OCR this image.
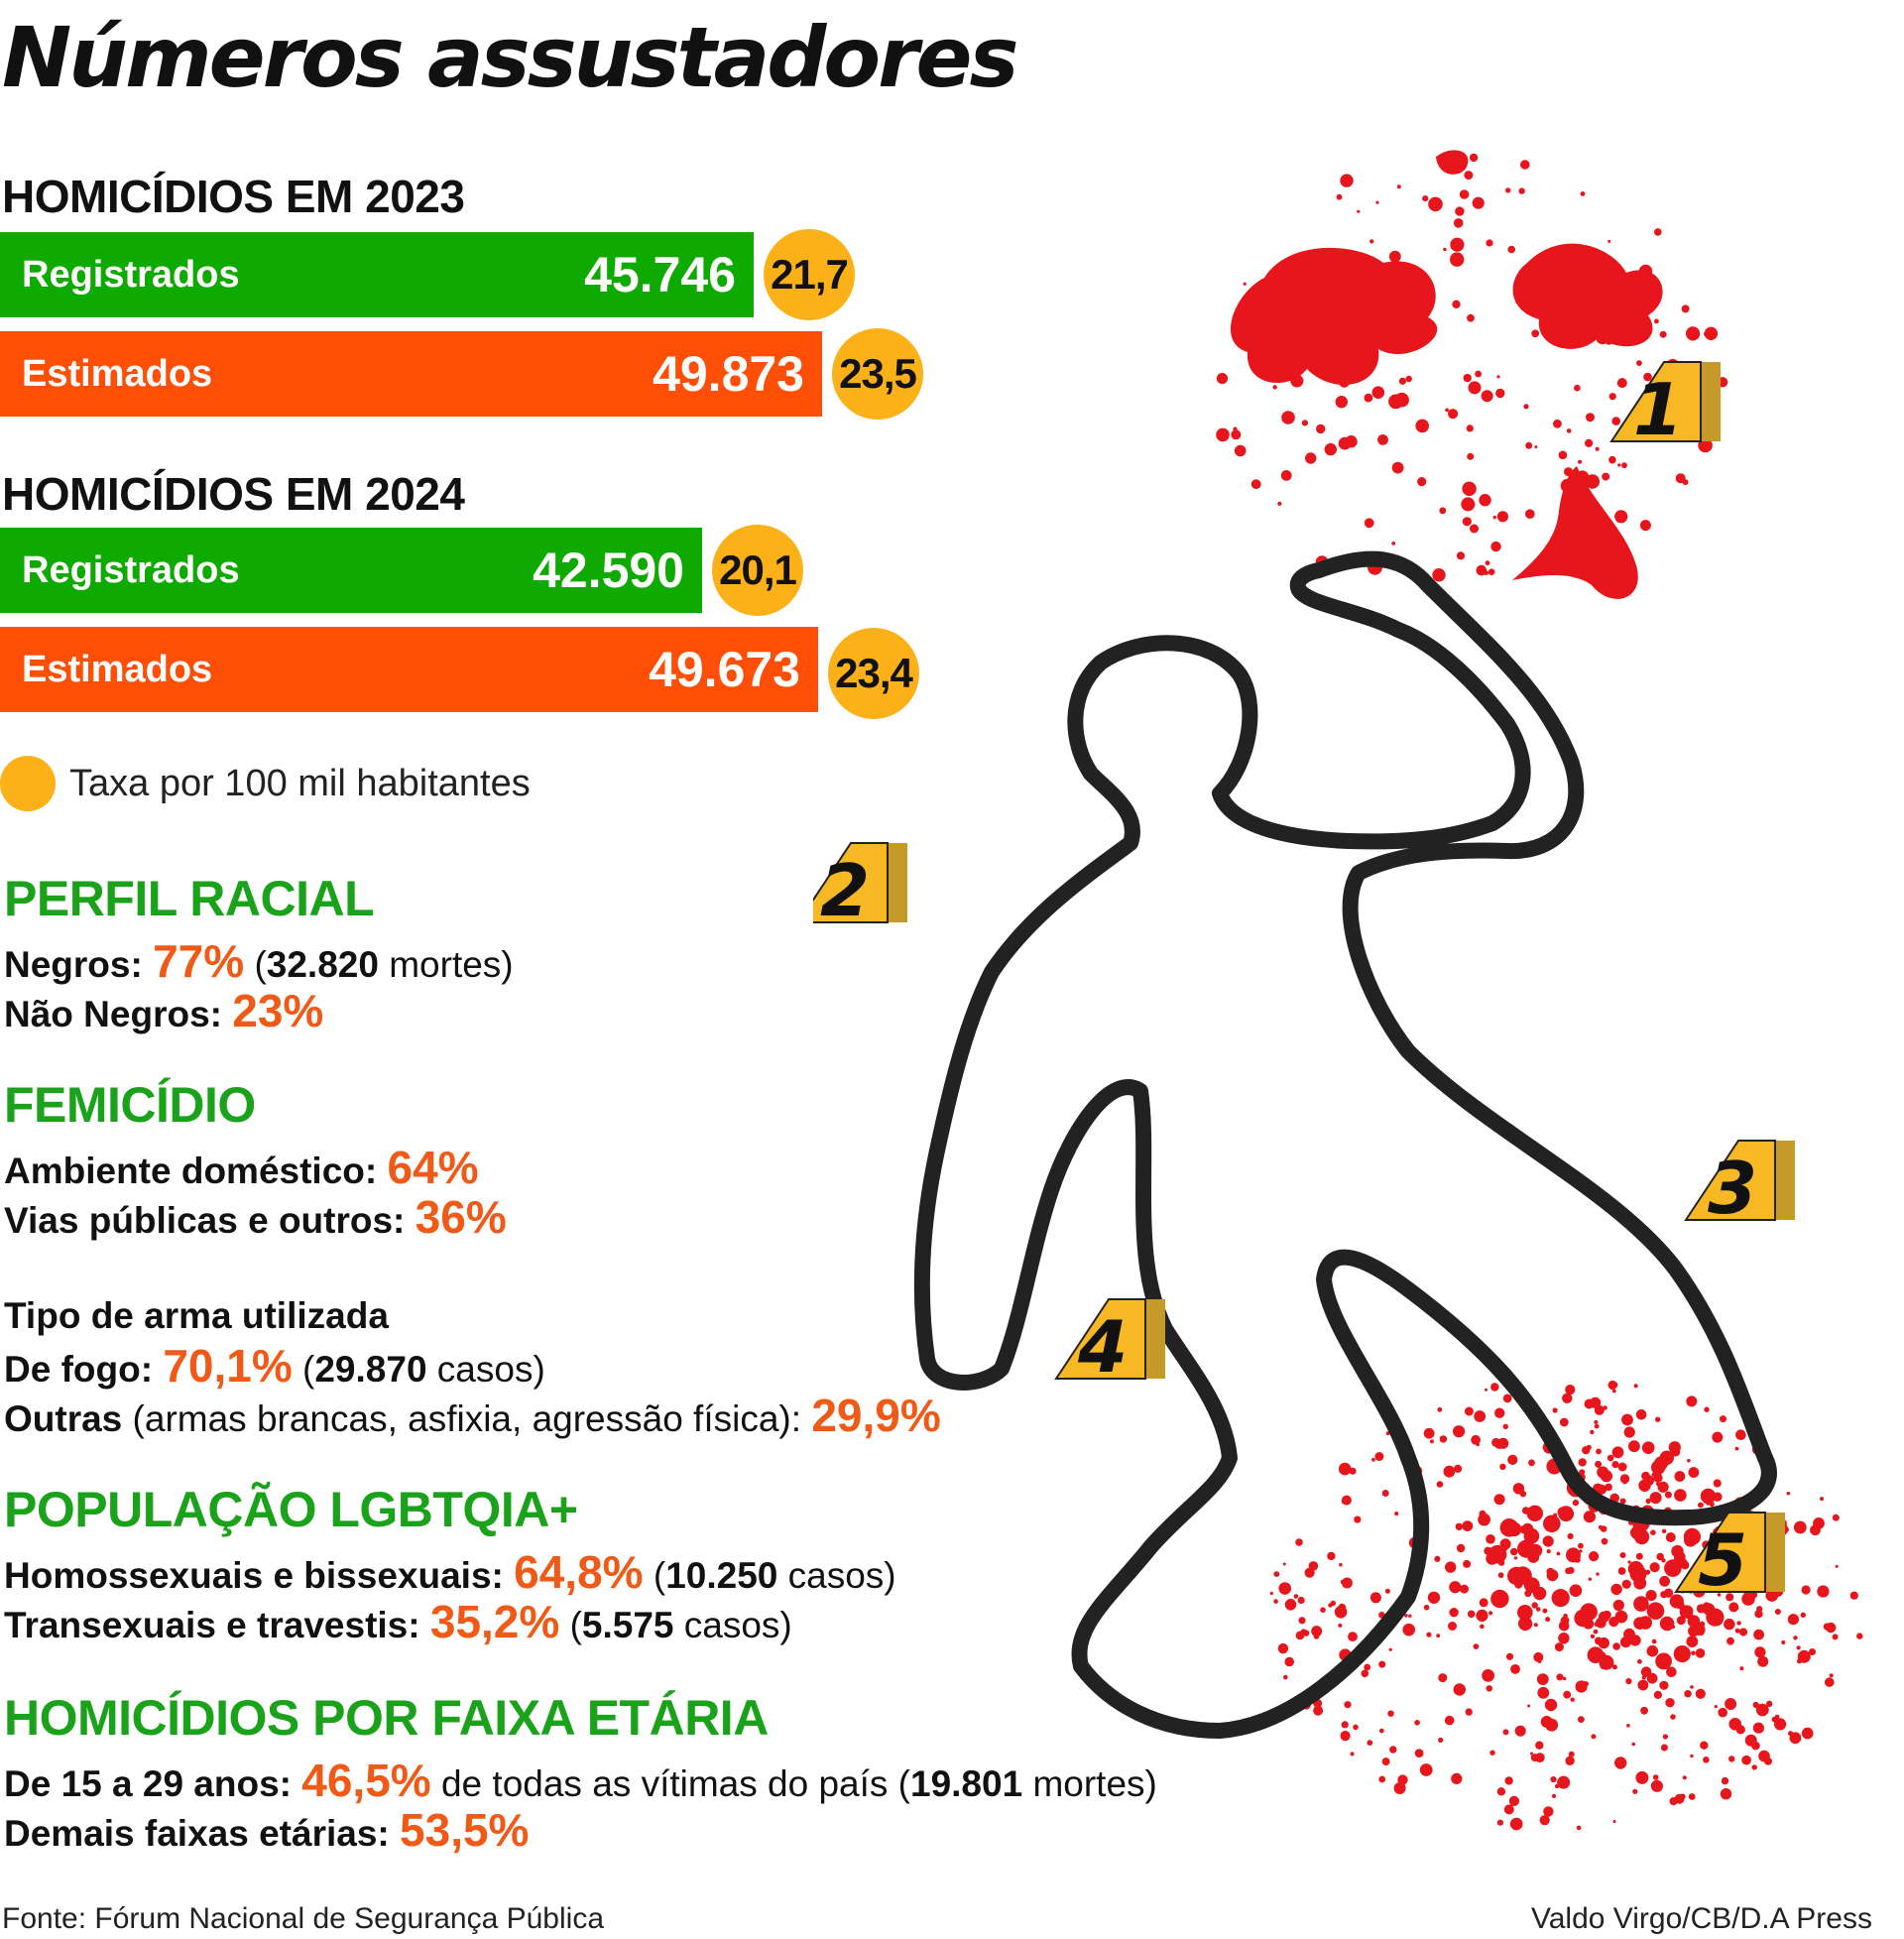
Números assustadores
HOMICÍDIOS EM 2023
Registrados	45.746 21,7
Estimados	49.873 23,5
HOMICÍDIOS EM 2024
Registrados	42.590 20,1
Estimados	49.673 23,4
Taxa por 100 mil habitantes
PERFIL RACIAL
Negros: 77% (32.820 mortes)
Não Negros: 23%
FEMICÍDIO
Ambiente doméstico: 64%
Vias públicas e outros: 36%
Tipo de arma utilizada
De fogo: 70,1% (29.870 casos)
Outras (armas brancas, asfixia, agressão física): 29,9%
POPULAÇÃO LGBTQIA+
Homossexuais e bissexuais: 64,8% (10.250 casos)
Transexuais e travestis: 35,2% (5.575 casos)
HOMICÍDIOS POR FAIXA ETÁRIA
De 15 a 29 anos: 46,5% de todas as vítimas do país (19.801 mortes)
Demais faixas etárias: 53,5%
1
2
3
4
5
Fonte: Fórum Nacional de Segurança Pública	Valdo Virgo/CB/D.A Press
